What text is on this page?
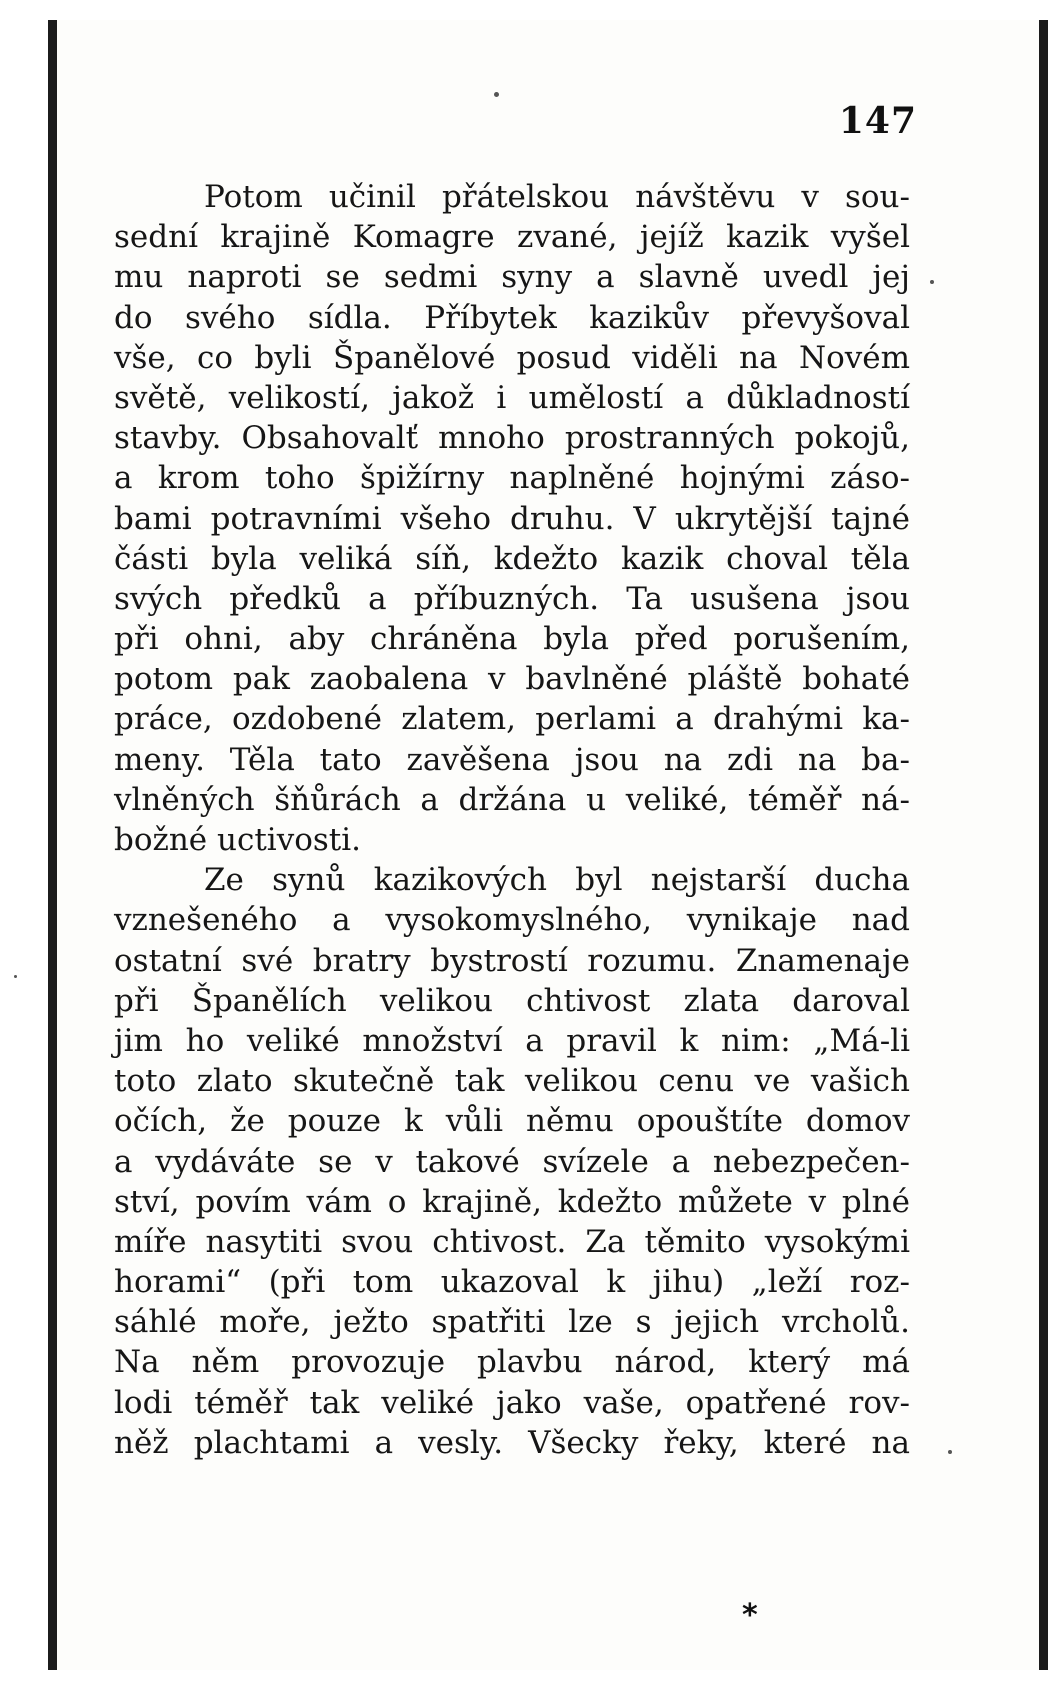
147
Potom učinil přátelskou návštěvu v sou-
sední krajině Komagre zvané, jejíž kazik vyšel
mu naproti se sedmi syny a slavně uvedl jej
do svého sídla. Příbytek kazikův převyšoval
vše, co byli Španělové posud viděli na Novém
světě, velikostí, jakož i umělostí a důkladností
stavby. Obsahovalť mnoho prostranných pokojů,
a krom toho špižírny naplněné hojnými záso-
bami potravními všeho druhu. V ukrytější tajné
části byla veliká síň, kdežto kazik choval těla
svých předků a příbuzných. Ta usušena jsou
při ohni, aby chráněna byla před porušením,
potom pak zaobalena v bavlněné pláště bohaté
práce, ozdobené zlatem, perlami a drahými ka-
meny. Těla tato zavěšena jsou na zdi na ba-
vlněných šňůrách a držána u veliké, téměř ná-
božné uctivosti.
Ze synů kazikových byl nejstarší ducha
vznešeného a vysokomyslného, vynikaje nad
ostatní své bratry bystrostí rozumu. Znamenaje
při Španělích velikou chtivost zlata daroval
jim ho veliké množství a pravil k nim: „Má-li
toto zlato skutečně tak velikou cenu ve vašich
očích, že pouze k vůli němu opouštíte domov
a vydáváte se v takové svízele a nebezpečen-
ství, povím vám o krajině, kdežto můžete v plné
míře nasytiti svou chtivost. Za těmito vysokými
horami“ (při tom ukazoval k jihu) „leží roz-
sáhlé moře, ježto spatřiti lze s jejich vrcholů.
Na něm provozuje plavbu národ, který má
lodi téměř tak veliké jako vaše, opatřené rov-
něž plachtami a vesly. Všecky řeky, které na
*
